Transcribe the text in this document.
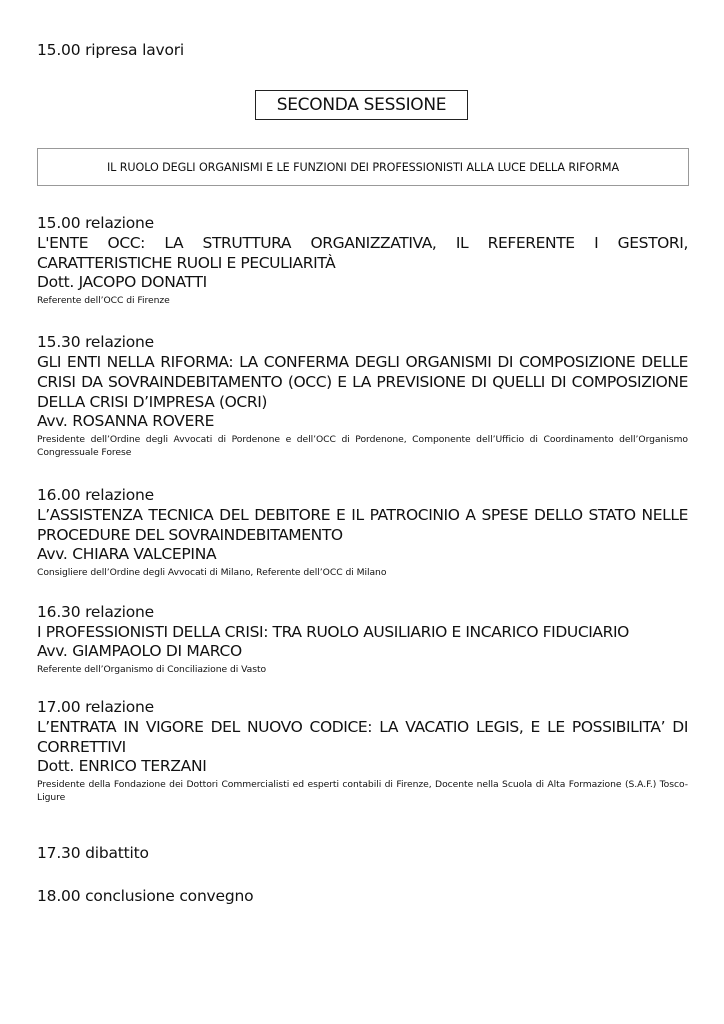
15.00 ripresa lavori
SECONDA SESSIONE
IL RUOLO DEGLI ORGANISMI E LE FUNZIONI DEI PROFESSIONISTI ALLA LUCE DELLA RIFORMA
15.00 relazione
L'ENTE OCC: LA STRUTTURA ORGANIZZATIVA, IL REFERENTE I GESTORI, CARATTERISTICHE RUOLI E PECULIARITÀ
Dott. JACOPO DONATTI
Referente dell’OCC di Firenze
15.30 relazione
GLI ENTI NELLA RIFORMA: LA CONFERMA DEGLI ORGANISMI DI COMPOSIZIONE DELLE CRISI DA SOVRAINDEBITAMENTO (OCC) E LA PREVISIONE DI QUELLI DI COMPOSIZIONE DELLA CRISI D’IMPRESA (OCRI)
Avv. ROSANNA ROVERE
Presidente dell’Ordine degli Avvocati di Pordenone e dell’OCC di Pordenone, Componente dell’Ufficio di Coordinamento dell’Organismo Congressuale Forese
16.00 relazione
L’ASSISTENZA TECNICA DEL DEBITORE E IL PATROCINIO A SPESE DELLO STATO NELLE PROCEDURE DEL SOVRAINDEBITAMENTO
Avv. CHIARA VALCEPINA
Consigliere dell’Ordine degli Avvocati di Milano, Referente dell’OCC di Milano
16.30 relazione
I PROFESSIONISTI DELLA CRISI: TRA RUOLO AUSILIARIO E INCARICO FIDUCIARIO
Avv. GIAMPAOLO DI MARCO
Referente dell’Organismo di Conciliazione di Vasto
17.00 relazione
L’ENTRATA IN VIGORE DEL NUOVO CODICE: LA VACATIO LEGIS, E LE POSSIBILITA’ DI CORRETTIVI
Dott. ENRICO TERZANI
Presidente della Fondazione dei Dottori Commercialisti ed esperti contabili di Firenze, Docente nella Scuola di Alta Formazione (S.A.F.) Tosco-Ligure
17.30 dibattito
18.00 conclusione convegno
